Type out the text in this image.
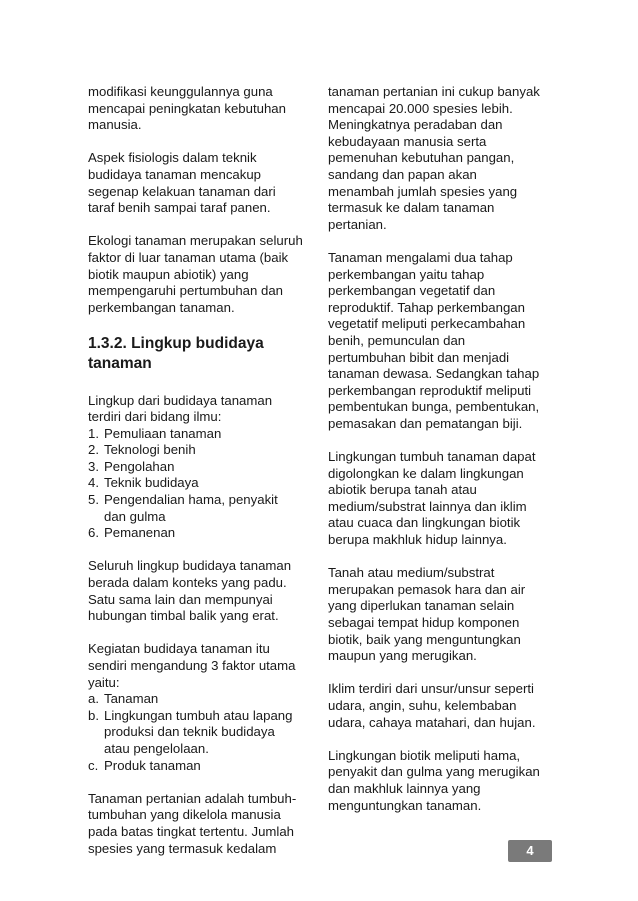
modifikasi keunggulannya guna
mencapai peningkatan kebutuhan
manusia.
Aspek fisiologis dalam teknik
budidaya tanaman mencakup
segenap kelakuan tanaman dari
taraf benih sampai taraf panen.
Ekologi tanaman merupakan seluruh
faktor di luar tanaman utama (baik
biotik maupun abiotik) yang
mempengaruhi pertumbuhan dan
perkembangan tanaman.
1.3.2. Lingkup budidaya
tanaman
Lingkup dari budidaya tanaman
terdiri dari bidang ilmu:
1. Pemuliaan tanaman
2. Teknologi benih
3. Pengolahan
4. Teknik budidaya
5. Pengendalian hama, penyakit
dan gulma
6. Pemanenan
Seluruh lingkup budidaya tanaman
berada dalam konteks yang padu.
Satu sama lain dan mempunyai
hubungan timbal balik yang erat.
Kegiatan budidaya tanaman itu
sendiri mengandung 3 faktor utama
yaitu:
a. Tanaman
b. Lingkungan tumbuh atau lapang
produksi dan teknik budidaya
atau pengelolaan.
c. Produk tanaman
Tanaman pertanian adalah tumbuh-
tumbuhan yang dikelola manusia
pada batas tingkat tertentu. Jumlah
spesies yang termasuk kedalam
tanaman pertanian ini cukup banyak
mencapai 20.000 spesies lebih.
Meningkatnya peradaban dan
kebudayaan manusia serta
pemenuhan kebutuhan pangan,
sandang dan papan akan
menambah jumlah spesies yang
termasuk ke dalam tanaman
pertanian.
Tanaman mengalami dua tahap
perkembangan yaitu tahap
perkembangan vegetatif dan
reproduktif. Tahap perkembangan
vegetatif meliputi perkecambahan
benih, pemunculan dan
pertumbuhan bibit dan menjadi
tanaman dewasa. Sedangkan tahap
perkembangan reproduktif meliputi
pembentukan bunga, pembentukan,
pemasakan dan pematangan biji.
Lingkungan tumbuh tanaman dapat
digolongkan ke dalam lingkungan
abiotik berupa tanah atau
medium/substrat lainnya dan iklim
atau cuaca dan lingkungan biotik
berupa makhluk hidup lainnya.
Tanah atau medium/substrat
merupakan pemasok hara dan air
yang diperlukan tanaman selain
sebagai tempat hidup komponen
biotik, baik yang menguntungkan
maupun yang merugikan.
Iklim terdiri dari unsur/unsur seperti
udara, angin, suhu, kelembaban
udara, cahaya matahari, dan hujan.
Lingkungan biotik meliputi hama,
penyakit dan gulma yang merugikan
dan makhluk lainnya yang
menguntungkan tanaman.
4
